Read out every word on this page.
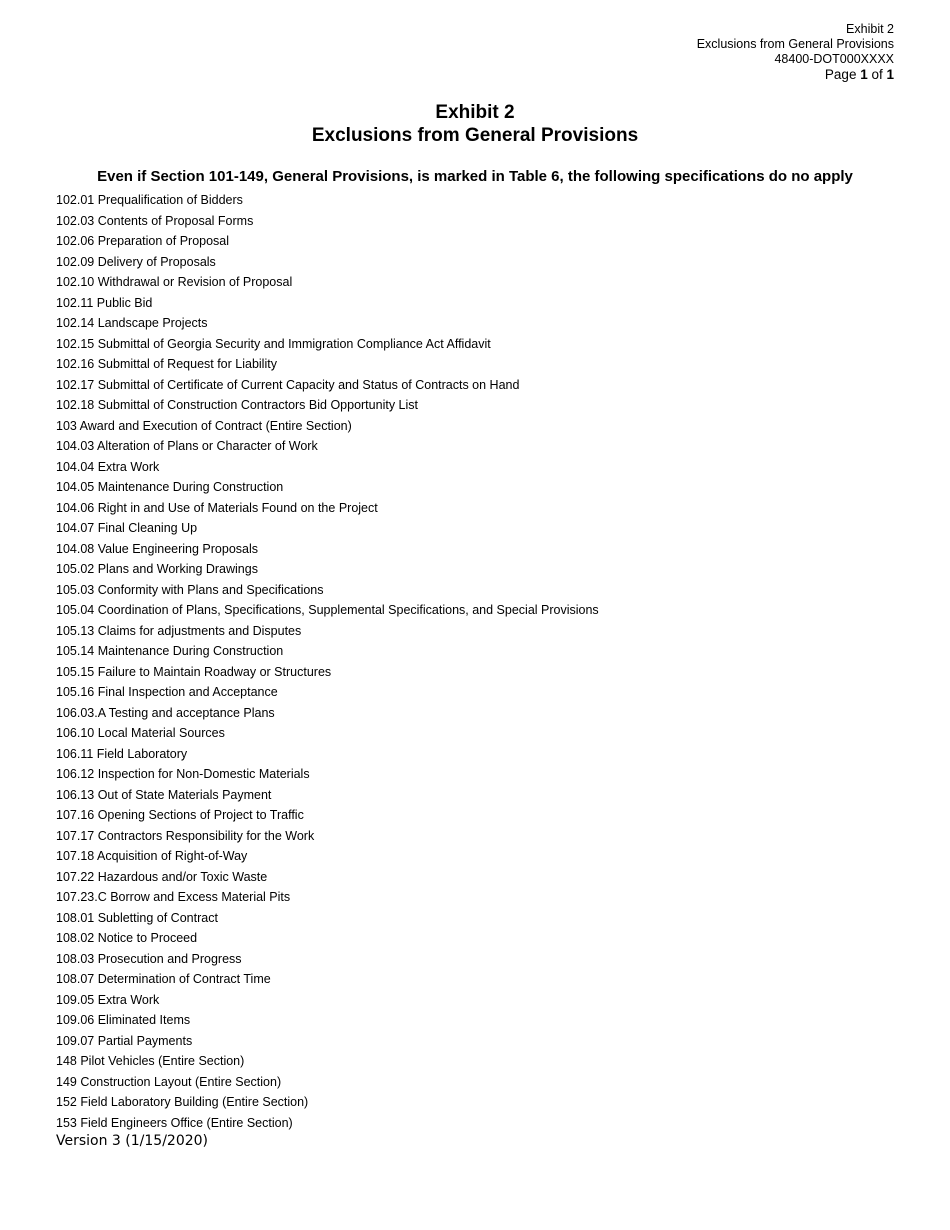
Exhibit 2
Exclusions from General Provisions
48400-DOT000XXXX
Page 1 of 1
Exhibit 2
Exclusions from General Provisions
Even if Section 101-149, General Provisions, is marked in Table 6, the following specifications do no apply
102.01 Prequalification of Bidders
102.03 Contents of Proposal Forms
102.06 Preparation of Proposal
102.09 Delivery of Proposals
102.10 Withdrawal or Revision of Proposal
102.11 Public Bid
102.14 Landscape Projects
102.15 Submittal of Georgia Security and Immigration Compliance Act Affidavit
102.16 Submittal of Request for Liability
102.17 Submittal of Certificate of Current Capacity and Status of Contracts on Hand
102.18 Submittal of Construction Contractors Bid Opportunity List
103 Award and Execution of Contract (Entire Section)
104.03 Alteration of Plans or Character of Work
104.04 Extra Work
104.05 Maintenance During Construction
104.06 Right in and Use of Materials Found on the Project
104.07 Final Cleaning Up
104.08 Value Engineering Proposals
105.02 Plans and Working Drawings
105.03 Conformity with Plans and Specifications
105.04 Coordination of Plans, Specifications, Supplemental Specifications, and Special Provisions
105.13 Claims for adjustments and Disputes
105.14 Maintenance During Construction
105.15 Failure to Maintain Roadway or Structures
105.16 Final Inspection and Acceptance
106.03.A Testing and acceptance Plans
106.10 Local Material Sources
106.11 Field Laboratory
106.12 Inspection for Non-Domestic Materials
106.13 Out of State Materials Payment
107.16 Opening Sections of Project to Traffic
107.17 Contractors Responsibility for the Work
107.18 Acquisition of Right-of-Way
107.22 Hazardous and/or Toxic Waste
107.23.C Borrow and Excess Material Pits
108.01 Subletting of Contract
108.02 Notice to Proceed
108.03 Prosecution and Progress
108.07 Determination of Contract Time
109.05 Extra Work
109.06 Eliminated Items
109.07 Partial Payments
148 Pilot Vehicles (Entire Section)
149 Construction Layout (Entire Section)
152 Field Laboratory Building (Entire Section)
153 Field Engineers Office (Entire Section)
Version 3 (1/15/2020)
